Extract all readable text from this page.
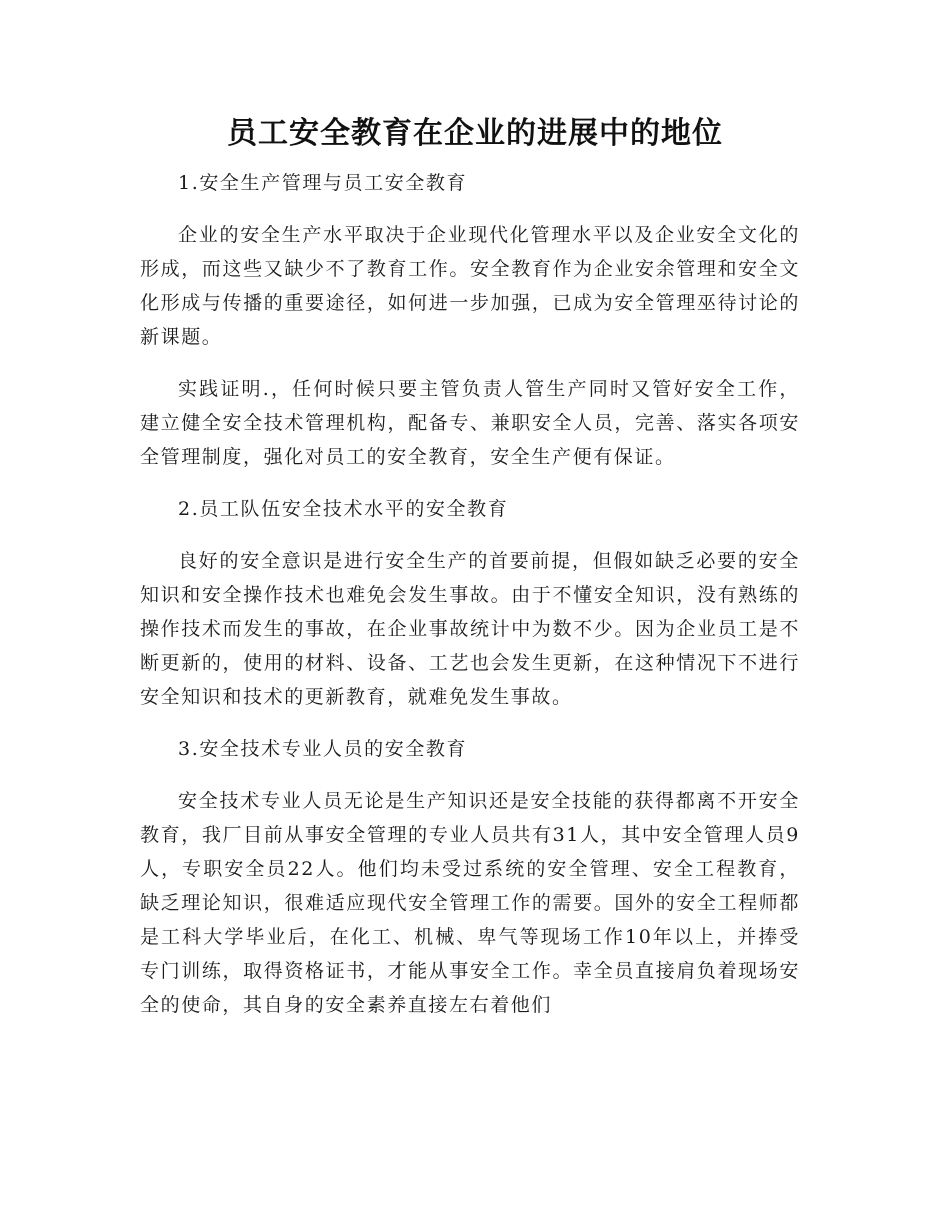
员工安全教育在企业的进展中的地位

1.安全生产管理与员工安全教育

企业的安全生产水平取决于企业现代化管理水平以及企业安全文化的形成，而这些又缺少不了教育工作。安全教育作为企业安余管理和安全文化形成与传播的重要途径，如何进一步加强，已成为安全管理巫待讨论的新课题。

实践证明.，任何时候只要主管负责人管生产同时又管好安全工作，建立健全安全技术管理机构，配备专、兼职安全人员，完善、落实各项安全管理制度，强化对员工的安全教育，安全生产便有保证。

2.员工队伍安全技术水平的安全教育

良好的安全意识是进行安全生产的首要前提，但假如缺乏必要的安全知识和安全操作技术也难免会发生事故。由于不懂安全知识，没有熟练的操作技术而发生的事故，在企业事故统计中为数不少。因为企业员工是不断更新的，使用的材料、设备、工艺也会发生更新，在这种情况下不进行安全知识和技术的更新教育，就难免发生事故。

3.安全技术专业人员的安全教育

安全技术专业人员无论是生产知识还是安全技能的获得都离不开安全教育，我厂目前从事安全管理的专业人员共有31人，其中安全管理人员9人，专职安全员22人。他们均未受过系统的安全管理、安全工程教育，缺乏理论知识，很难适应现代安全管理工作的需要。国外的安全工程师都是工科大学毕业后，在化工、机械、卑气等现场工作10年以上，并捧受专门训练，取得资格证书，才能从事安全工作。幸全员直接肩负着现场安全的使命，其自身的安全素养直接左右着他们
